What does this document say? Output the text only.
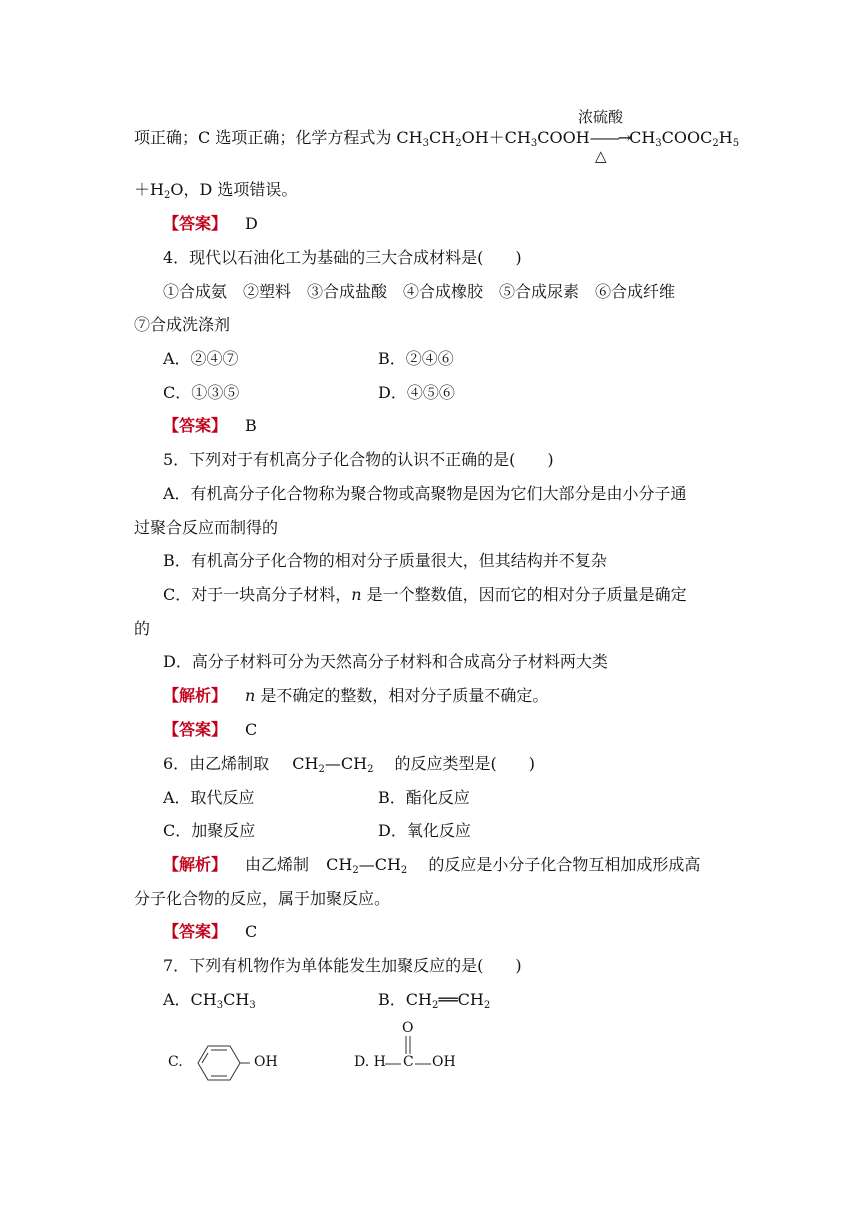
浓硫酸
项正确；C 选项正确；化学方程式为 $CH_3CH_2OH+CH_3COOH——\to CH_3COOC_2H_5$
△
$+H_2O$，D 选项错误。
【答案】 D
4．现代以石油化工为基础的三大合成材料是(　　)
①合成氨　②塑料　③合成盐酸　④合成橡胶　⑤合成尿素　⑥合成纤维
⑦合成洗涤剂
A．②④⑦	B．②④⑥
C．①③⑤	D．④⑤⑥
【答案】 B
5．下列对于有机高分子化合物的认识不正确的是(　　)
A．有机高分子化合物称为聚合物或高聚物是因为它们大部分是由小分子通
过聚合反应而制得的
B．有机高分子化合物的相对分子质量很大，但其结构并不复杂
C．对于一块高分子材料，n 是一个整数值，因而它的相对分子质量是确定
的
D．高分子材料可分为天然高分子材料和合成高分子材料两大类
【解析】 n 是不确定的整数，相对分子质量不确定。
【答案】 C
6．由乙烯制取 $CH_2—CH_2$ 的反应类型是(　　)
A．取代反应	B．酯化反应
C．加聚反应	D．氧化反应
【解析】 由乙烯制 $CH_2—CH_2$ 的反应是小分子化合物互相加成形成高
分子化合物的反应，属于加聚反应。
【答案】 C
7．下列有机物作为单体能发生加聚反应的是(　　)
A．$CH_3CH_3$	B．$CH_2══CH_2$
C.	OH
O
D. H C OH
